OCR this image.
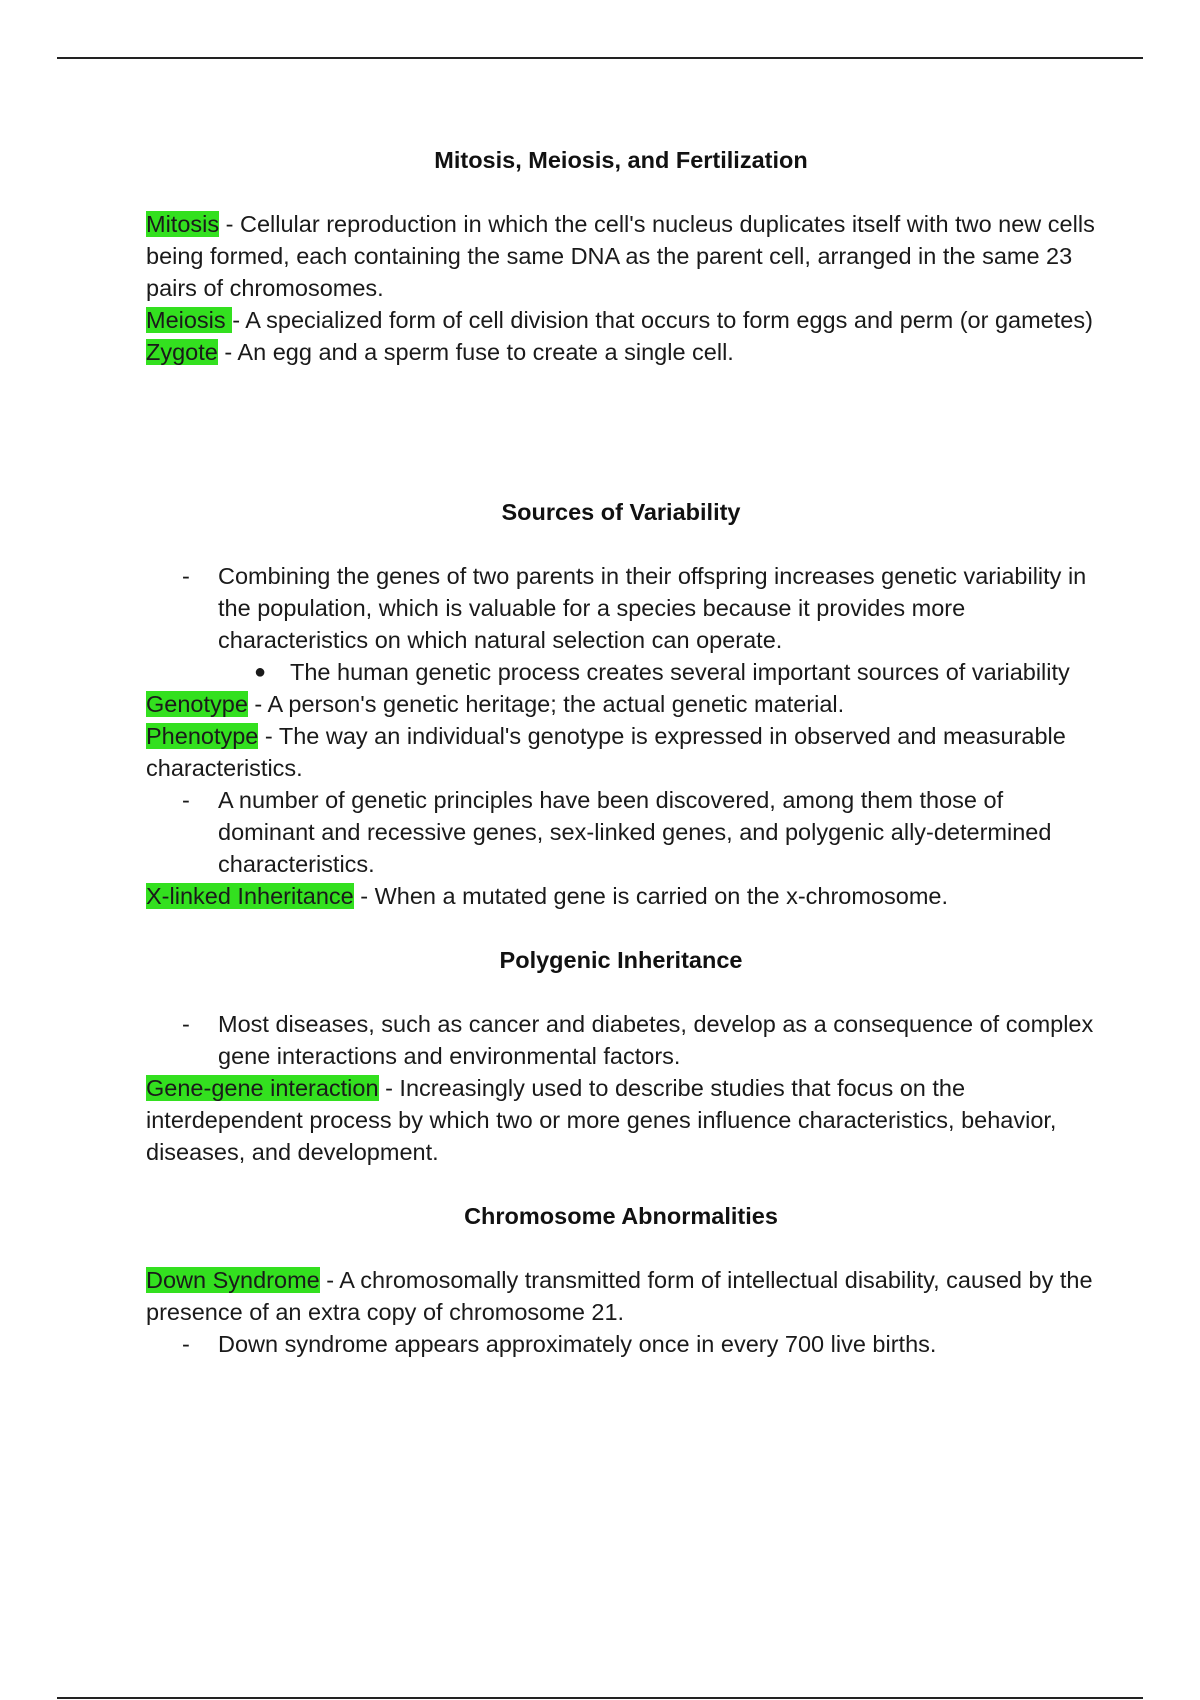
Mitosis, Meiosis, and Fertilization

Mitosis - Cellular reproduction in which the cell's nucleus duplicates itself with two new cells being formed, each containing the same DNA as the parent cell, arranged in the same 23 pairs of chromosomes.

Meiosis - A specialized form of cell division that occurs to form eggs and perm (or gametes)

Zygote - An egg and a sperm fuse to create a single cell.

Sources of Variability
- Combining the genes of two parents in their offspring increases genetic variability in the population, which is valuable for a species because it provides more characteristics on which natural selection can operate.
● The human genetic process creates several important sources of variability

Genotype - A person's genetic heritage; the actual genetic material.

Phenotype - The way an individual's genotype is expressed in observed and measurable characteristics.

- A number of genetic principles have been discovered, among them those of dominant and recessive genes, sex-linked genes, and polygenic ally-determined characteristics.

X-linked Inheritance - When a mutated gene is carried on the x-chromosome.

Polygenic Inheritance
- Most diseases, such as cancer and diabetes, develop as a consequence of complex gene interactions and environmental factors.

Gene-gene interaction - Increasingly used to describe studies that focus on the interdependent process by which two or more genes influence characteristics, behavior, diseases, and development.

Chromosome Abnormalities

Down Syndrome - A chromosomally transmitted form of intellectual disability, caused by the presence of an extra copy of chromosome 21.

- Down syndrome appears approximately once in every 700 live births.
